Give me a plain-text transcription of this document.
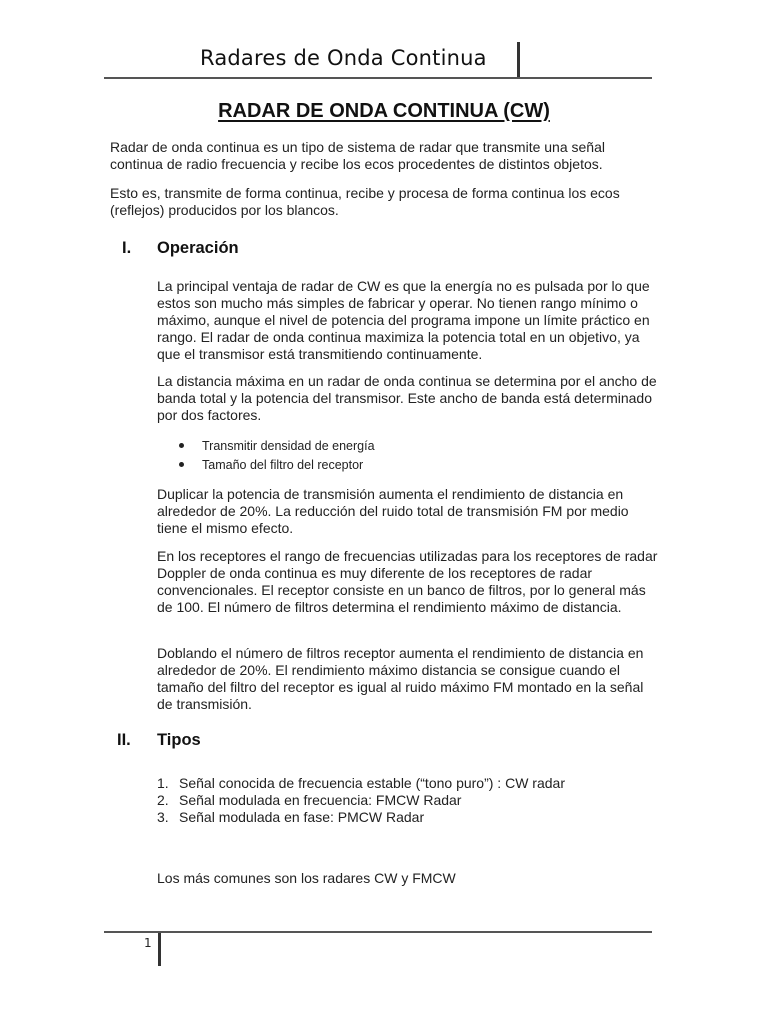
Radares de Onda Continua
RADAR DE ONDA CONTINUA (CW)

Radar de onda continua es un tipo de sistema de radar que transmite una señal continua de radio frecuencia y recibe los ecos procedentes de distintos objetos.

Esto es, transmite de forma continua, recibe y procesa de forma continua los ecos (reflejos) producidos por los blancos.

I. Operación

La principal ventaja de radar de CW es que la energía no es pulsada por lo que estos son mucho más simples de fabricar y operar. No tienen rango mínimo o máximo, aunque el nivel de potencia del programa impone un límite práctico en rango. El radar de onda continua maximiza la potencia total en un objetivo, ya que el transmisor está transmitiendo continuamente.

La distancia máxima en un radar de onda continua se determina por el ancho de banda total y la potencia del transmisor. Este ancho de banda está determinado por dos factores.

Transmitir densidad de energía
Tamaño del filtro del receptor

Duplicar la potencia de transmisión aumenta el rendimiento de distancia en alrededor de 20%. La reducción del ruido total de transmisión FM por medio tiene el mismo efecto.

En los receptores el rango de frecuencias utilizadas para los receptores de radar Doppler de onda continua es muy diferente de los receptores de radar convencionales. El receptor consiste en un banco de filtros, por lo general más de 100. El número de filtros determina el rendimiento máximo de distancia.

Doblando el número de filtros receptor aumenta el rendimiento de distancia en alrededor de 20%. El rendimiento máximo distancia se consigue cuando el tamaño del filtro del receptor es igual al ruido máximo FM montado en la señal de transmisión.

II. Tipos
1. Señal conocida de frecuencia estable (“tono puro”) : CW radar
2. Señal modulada en frecuencia: FMCW Radar
3. Señal modulada en fase: PMCW Radar

Los más comunes son los radares CW y FMCW

1
